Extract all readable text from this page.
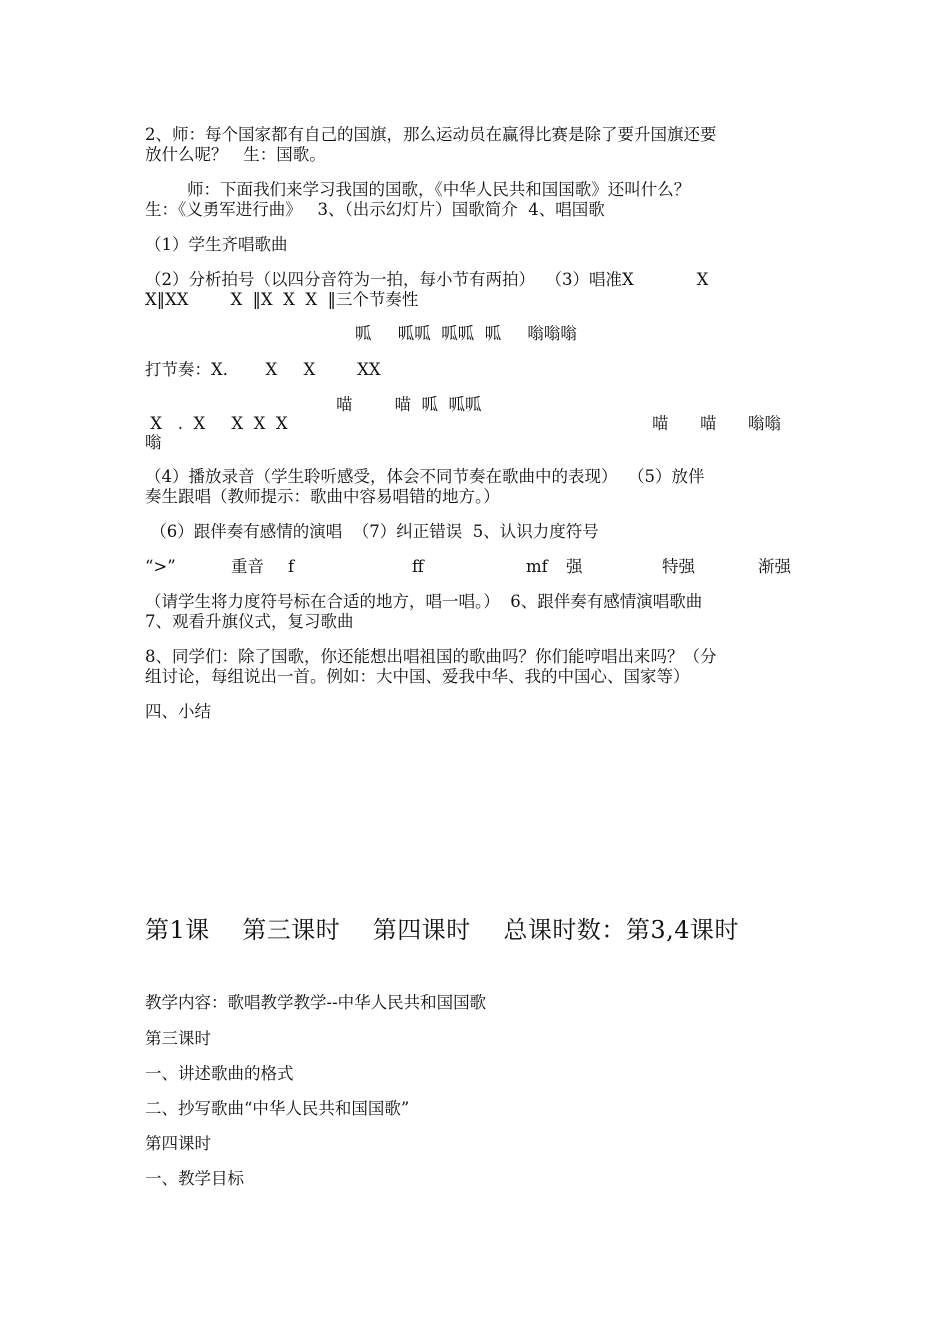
2、师：每个国家都有自己的国旗，那么运动员在赢得比赛是除了要升国旗还要

放什么呢？   生：国歌。

师：下面我们来学习我国的国歌，《中华人民共和国国歌》还叫什么？

生：《义勇军进行曲》   3、（出示幻灯片）国歌简介  4、唱国歌

（1）学生齐唱歌曲

（2）分析拍号（以四分音符为一拍，每小节有两拍）  （3）唱准X            X

X‖XX        X  ‖X  X  X  ‖三个节奏性

呱     呱呱  呱呱  呱     嗡嗡嗡

打节奏：X．     X     X        XX

喵        喵  呱  呱呱

X   .  X     X  X  X	喵      喵      嗡嗡

嗡

（4）播放录音（学生聆听感受，体会不同节奏在歌曲中的表现）  （5）放伴

奏生跟唱（教师提示：歌曲中容易唱错的地方。）

（6）跟伴奏有感情的演唱  （7）纠正错误  5、认识力度符号

“>”	重音 f	ff	mf 强	特强	渐强

（请学生将力度符号标在合适的地方，唱一唱。）  6、跟伴奏有感情演唱歌曲

7、观看升旗仪式，复习歌曲

8、同学们：除了国歌，你还能想出唱祖国的歌曲吗？你们能哼唱出来吗？（分

组讨论，每组说出一首。例如：大中国、爱我中华、我的中国心、国家等）

四、小结

第1课    第三课时    第四课时    总课时数：第3,4课时

教学内容：歌唱教学教学--中华人民共和国国歌

第三课时

一、讲述歌曲的格式

二、抄写歌曲“中华人民共和国国歌”

第四课时

一、教学目标
